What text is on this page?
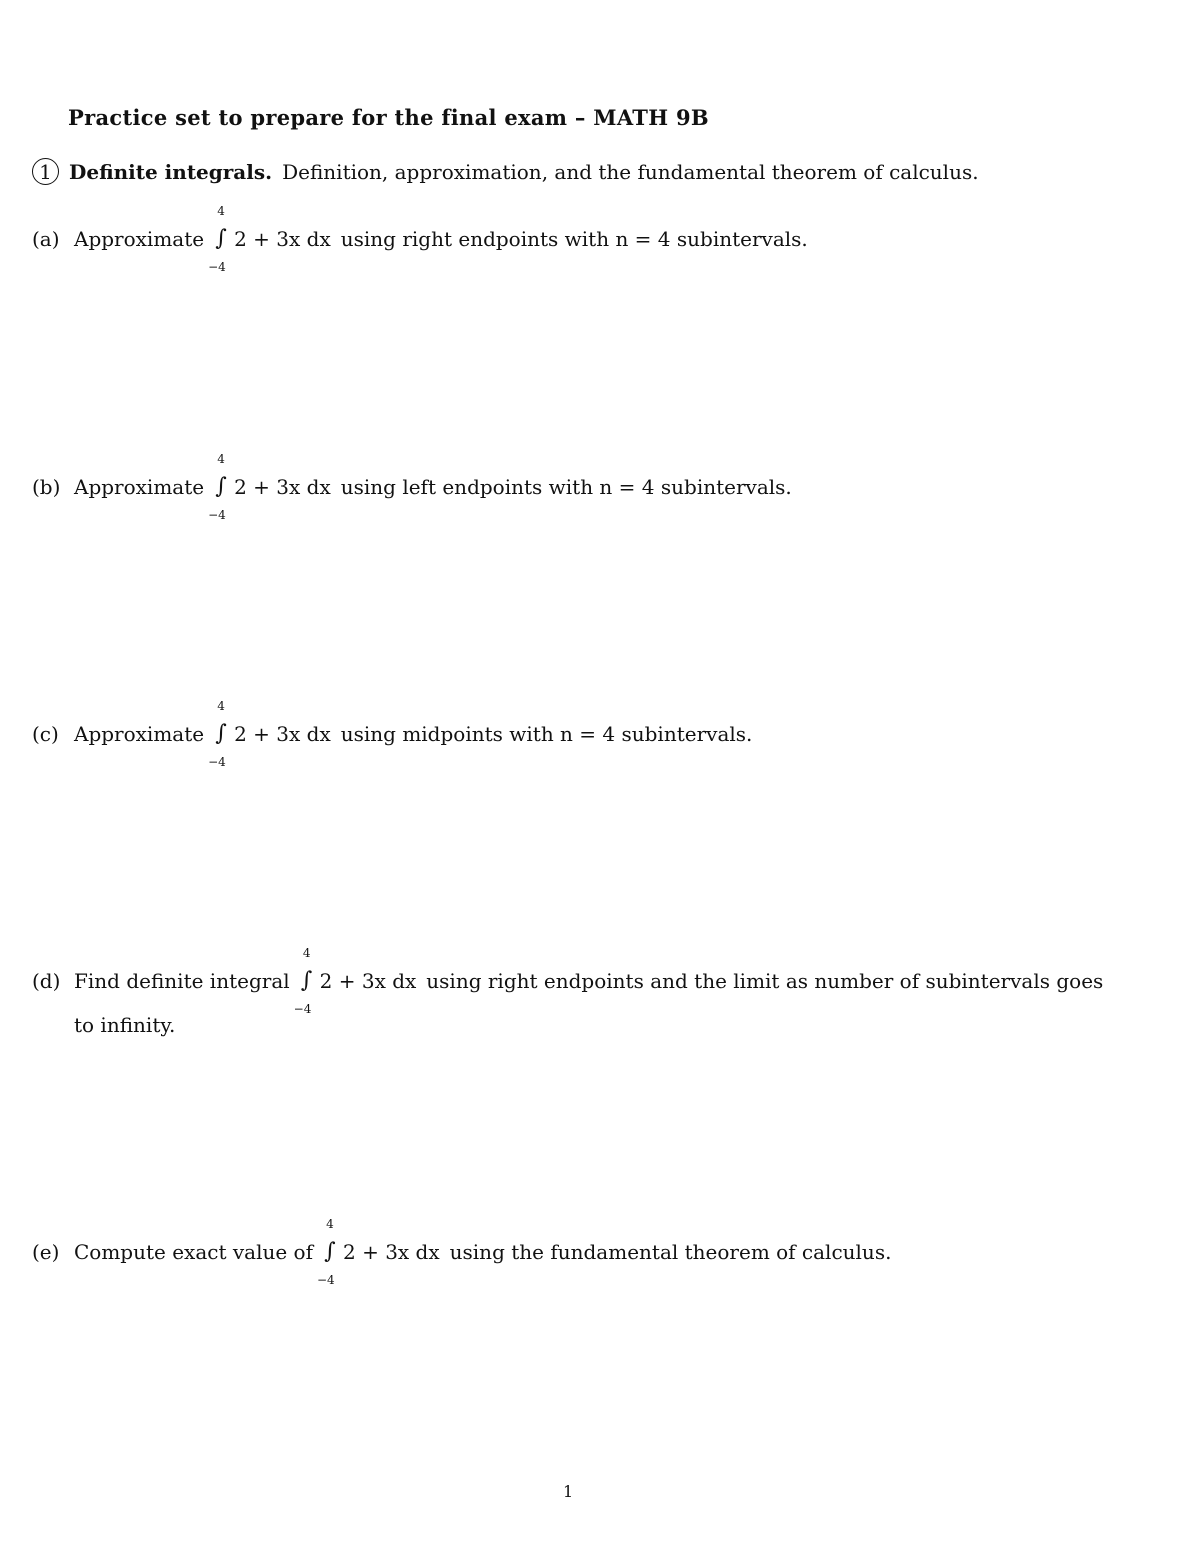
Practice set to prepare for the final exam – MATH 9B
1 Definite integrals. Definition, approximation, and the fundamental theorem of calculus.
(a) Approximate
4
∫
−4
2 + 3x dx using right endpoints with n = 4 subintervals.
(b) Approximate
4
∫
−4
2 + 3x dx using left endpoints with n = 4 subintervals.
(c) Approximate
4
∫
−4
2 + 3x dx using midpoints with n = 4 subintervals.
(d) Find definite integral
4
∫
−4
2 + 3x dx using right endpoints and the limit as number of subintervals goes
to infinity.
(e) Compute exact value of
4
∫
−4
2 + 3x dx using the fundamental theorem of calculus.
1
